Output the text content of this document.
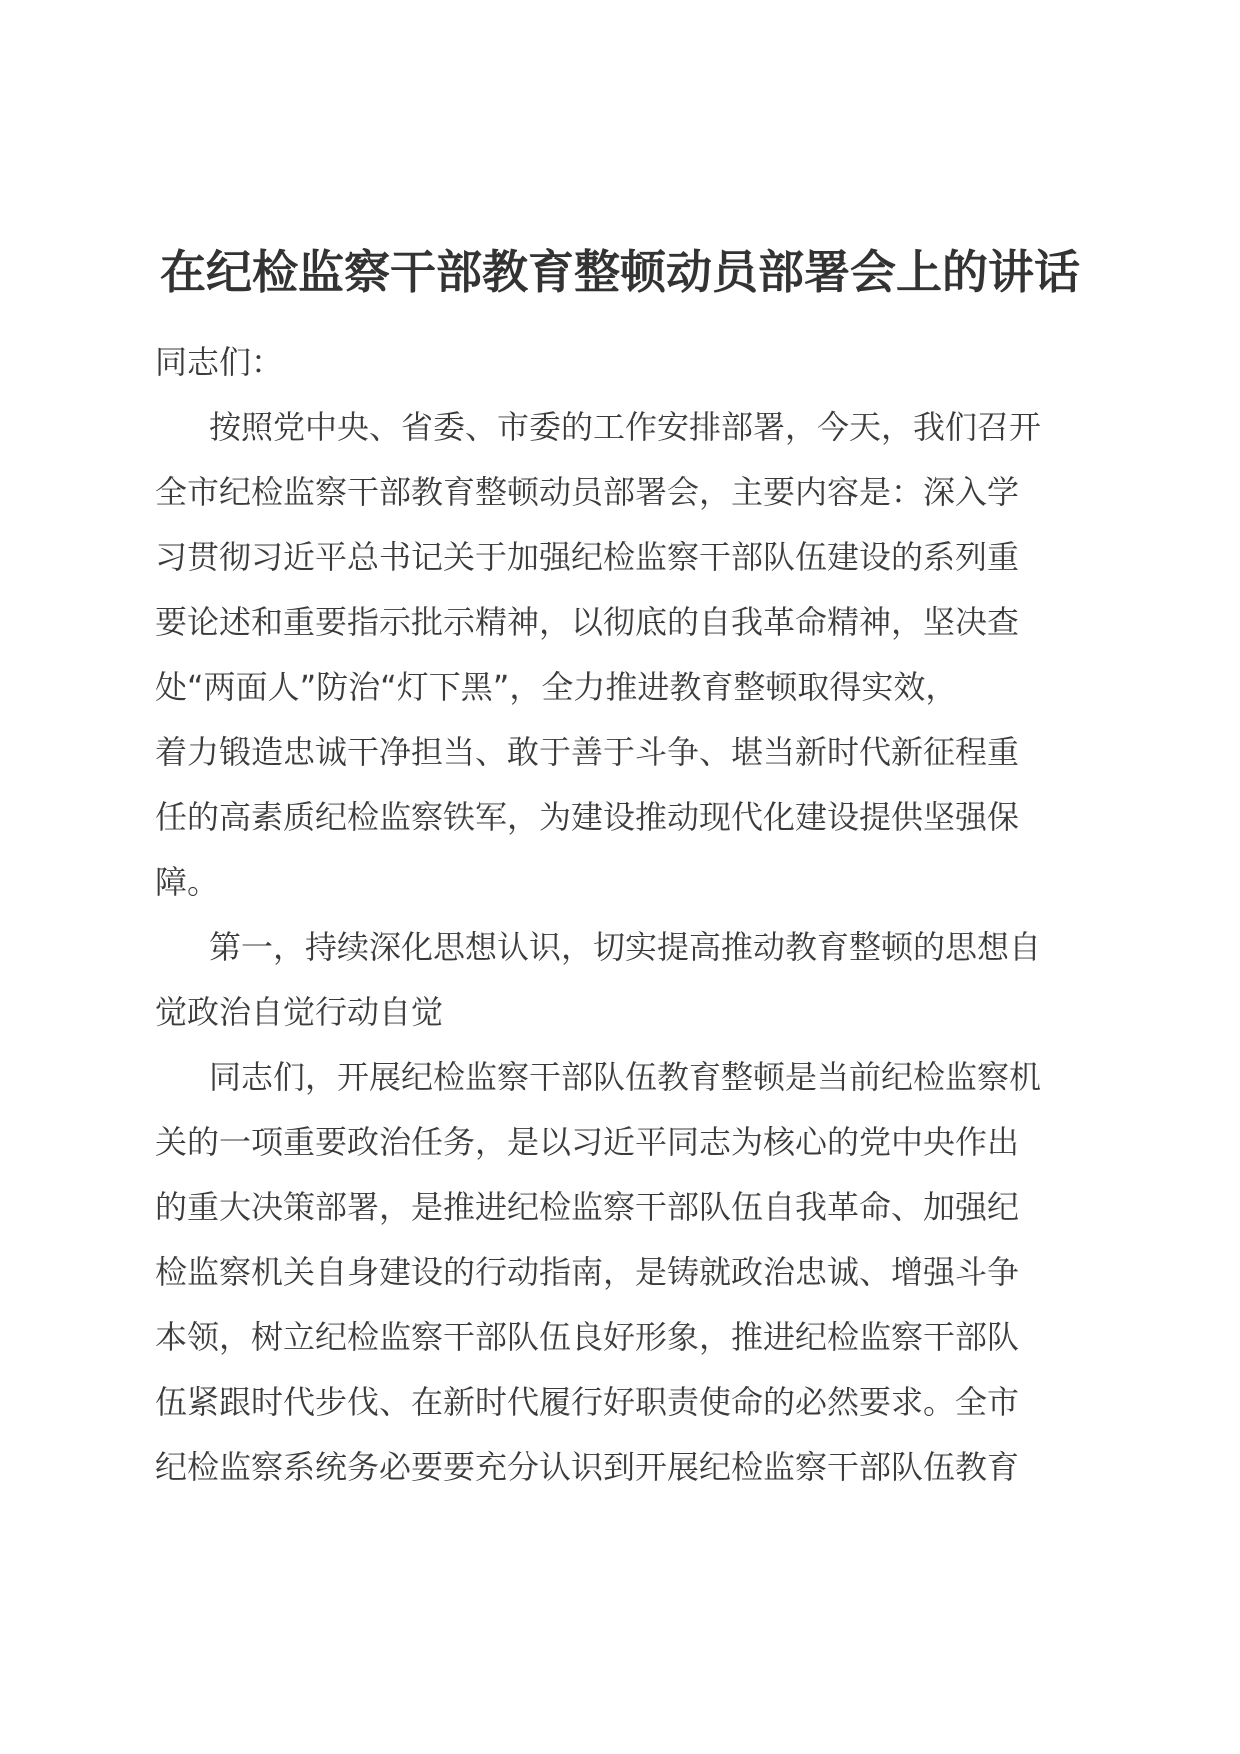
在纪检监察干部教育整顿动员部署会上的讲话
同志们：
按照党中央、省委、市委的工作安排部署，今天，我们召开
全市纪检监察干部教育整顿动员部署会，主要内容是：深入学
习贯彻习近平总书记关于加强纪检监察干部队伍建设的系列重
要论述和重要指示批示精神，以彻底的自我革命精神，坚决查
处“两面人”防治“灯下黑”，全力推进教育整顿取得实效，
着力锻造忠诚干净担当、敢于善于斗争、堪当新时代新征程重
任的高素质纪检监察铁军，为建设推动现代化建设提供坚强保
障。
第一，持续深化思想认识，切实提高推动教育整顿的思想自
觉政治自觉行动自觉
同志们，开展纪检监察干部队伍教育整顿是当前纪检监察机
关的一项重要政治任务，是以习近平同志为核心的党中央作出
的重大决策部署，是推进纪检监察干部队伍自我革命、加强纪
检监察机关自身建设的行动指南，是铸就政治忠诚、增强斗争
本领，树立纪检监察干部队伍良好形象，推进纪检监察干部队
伍紧跟时代步伐、在新时代履行好职责使命的必然要求。全市
纪检监察系统务必要要充分认识到开展纪检监察干部队伍教育
